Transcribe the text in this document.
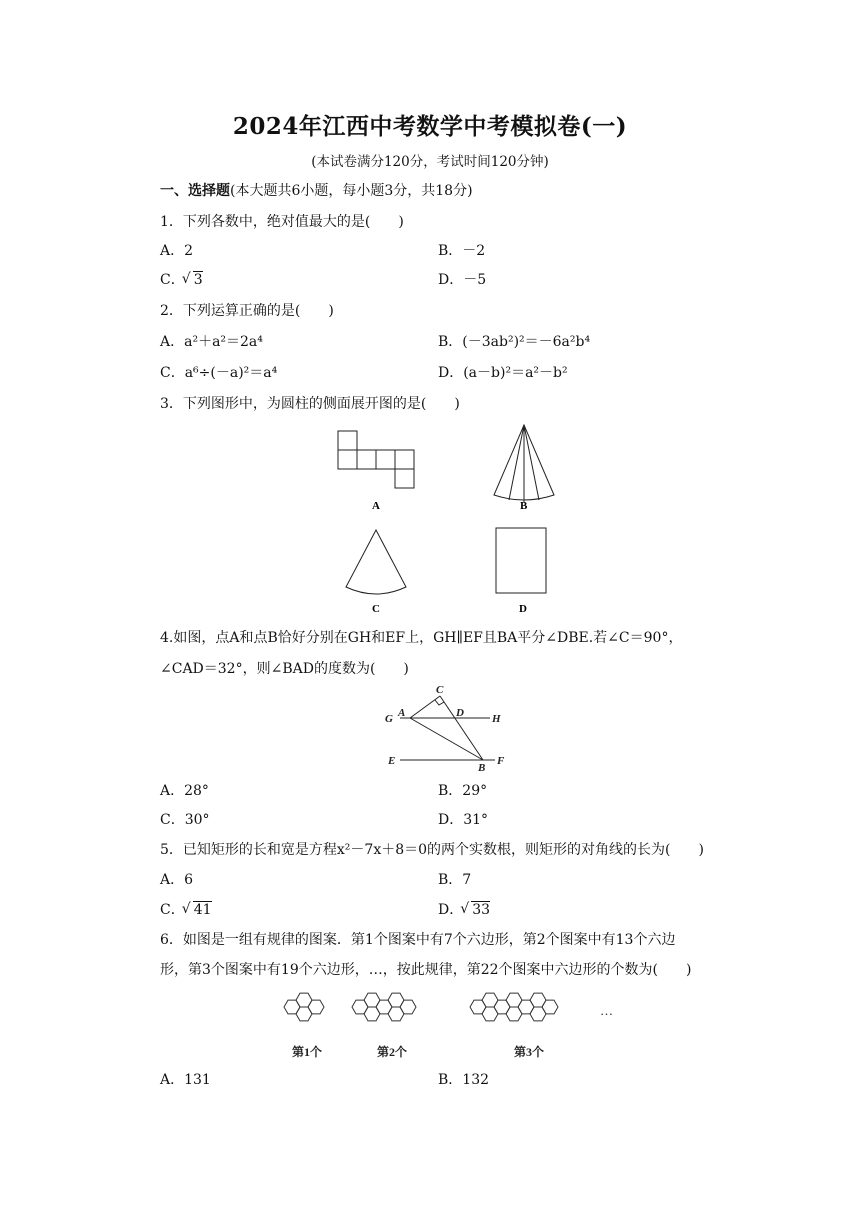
2024年江西中考数学中考模拟卷(一)
(本试卷满分120分，考试时间120分钟)
一、选择题(本大题共6小题，每小题3分，共18分)
1．下列各数中，绝对值最大的是(　　)
A．2	B．－2
C． √ 3	D．－5
2．下列运算正确的是(　　)
A．a²＋a²＝2a⁴	B．(－3ab²)²＝－6a²b⁴
C．a⁶÷(－a)²＝a⁴	D．(a－b)²＝a²－b²
3．下列图形中，为圆柱的侧面展开图的是(　　)
A	B
C	D
4.如图，点A和点B恰好分别在GH和EF上，GH∥EF且BA平分∠DBE.若∠C＝90°，
∠CAD＝32°，则∠BAD的度数为(　　)
C
G A	D	H
E
B
F
A．28°	B．29°
C．30°	D．31°
5．已知矩形的长和宽是方程x²－7x＋8＝0的两个实数根，则矩形的对角线的长为(　　)
A．6	B．7
C． √ 41	D． √ 33
6．如图是一组有规律的图案．第1个图案中有7个六边形，第2个图案中有13个六边
形，第3个图案中有19个六边形，…，按此规律，第22个图案中六边形的个数为(　　)
…
第1个	第2个	第3个
A．131	B．132
